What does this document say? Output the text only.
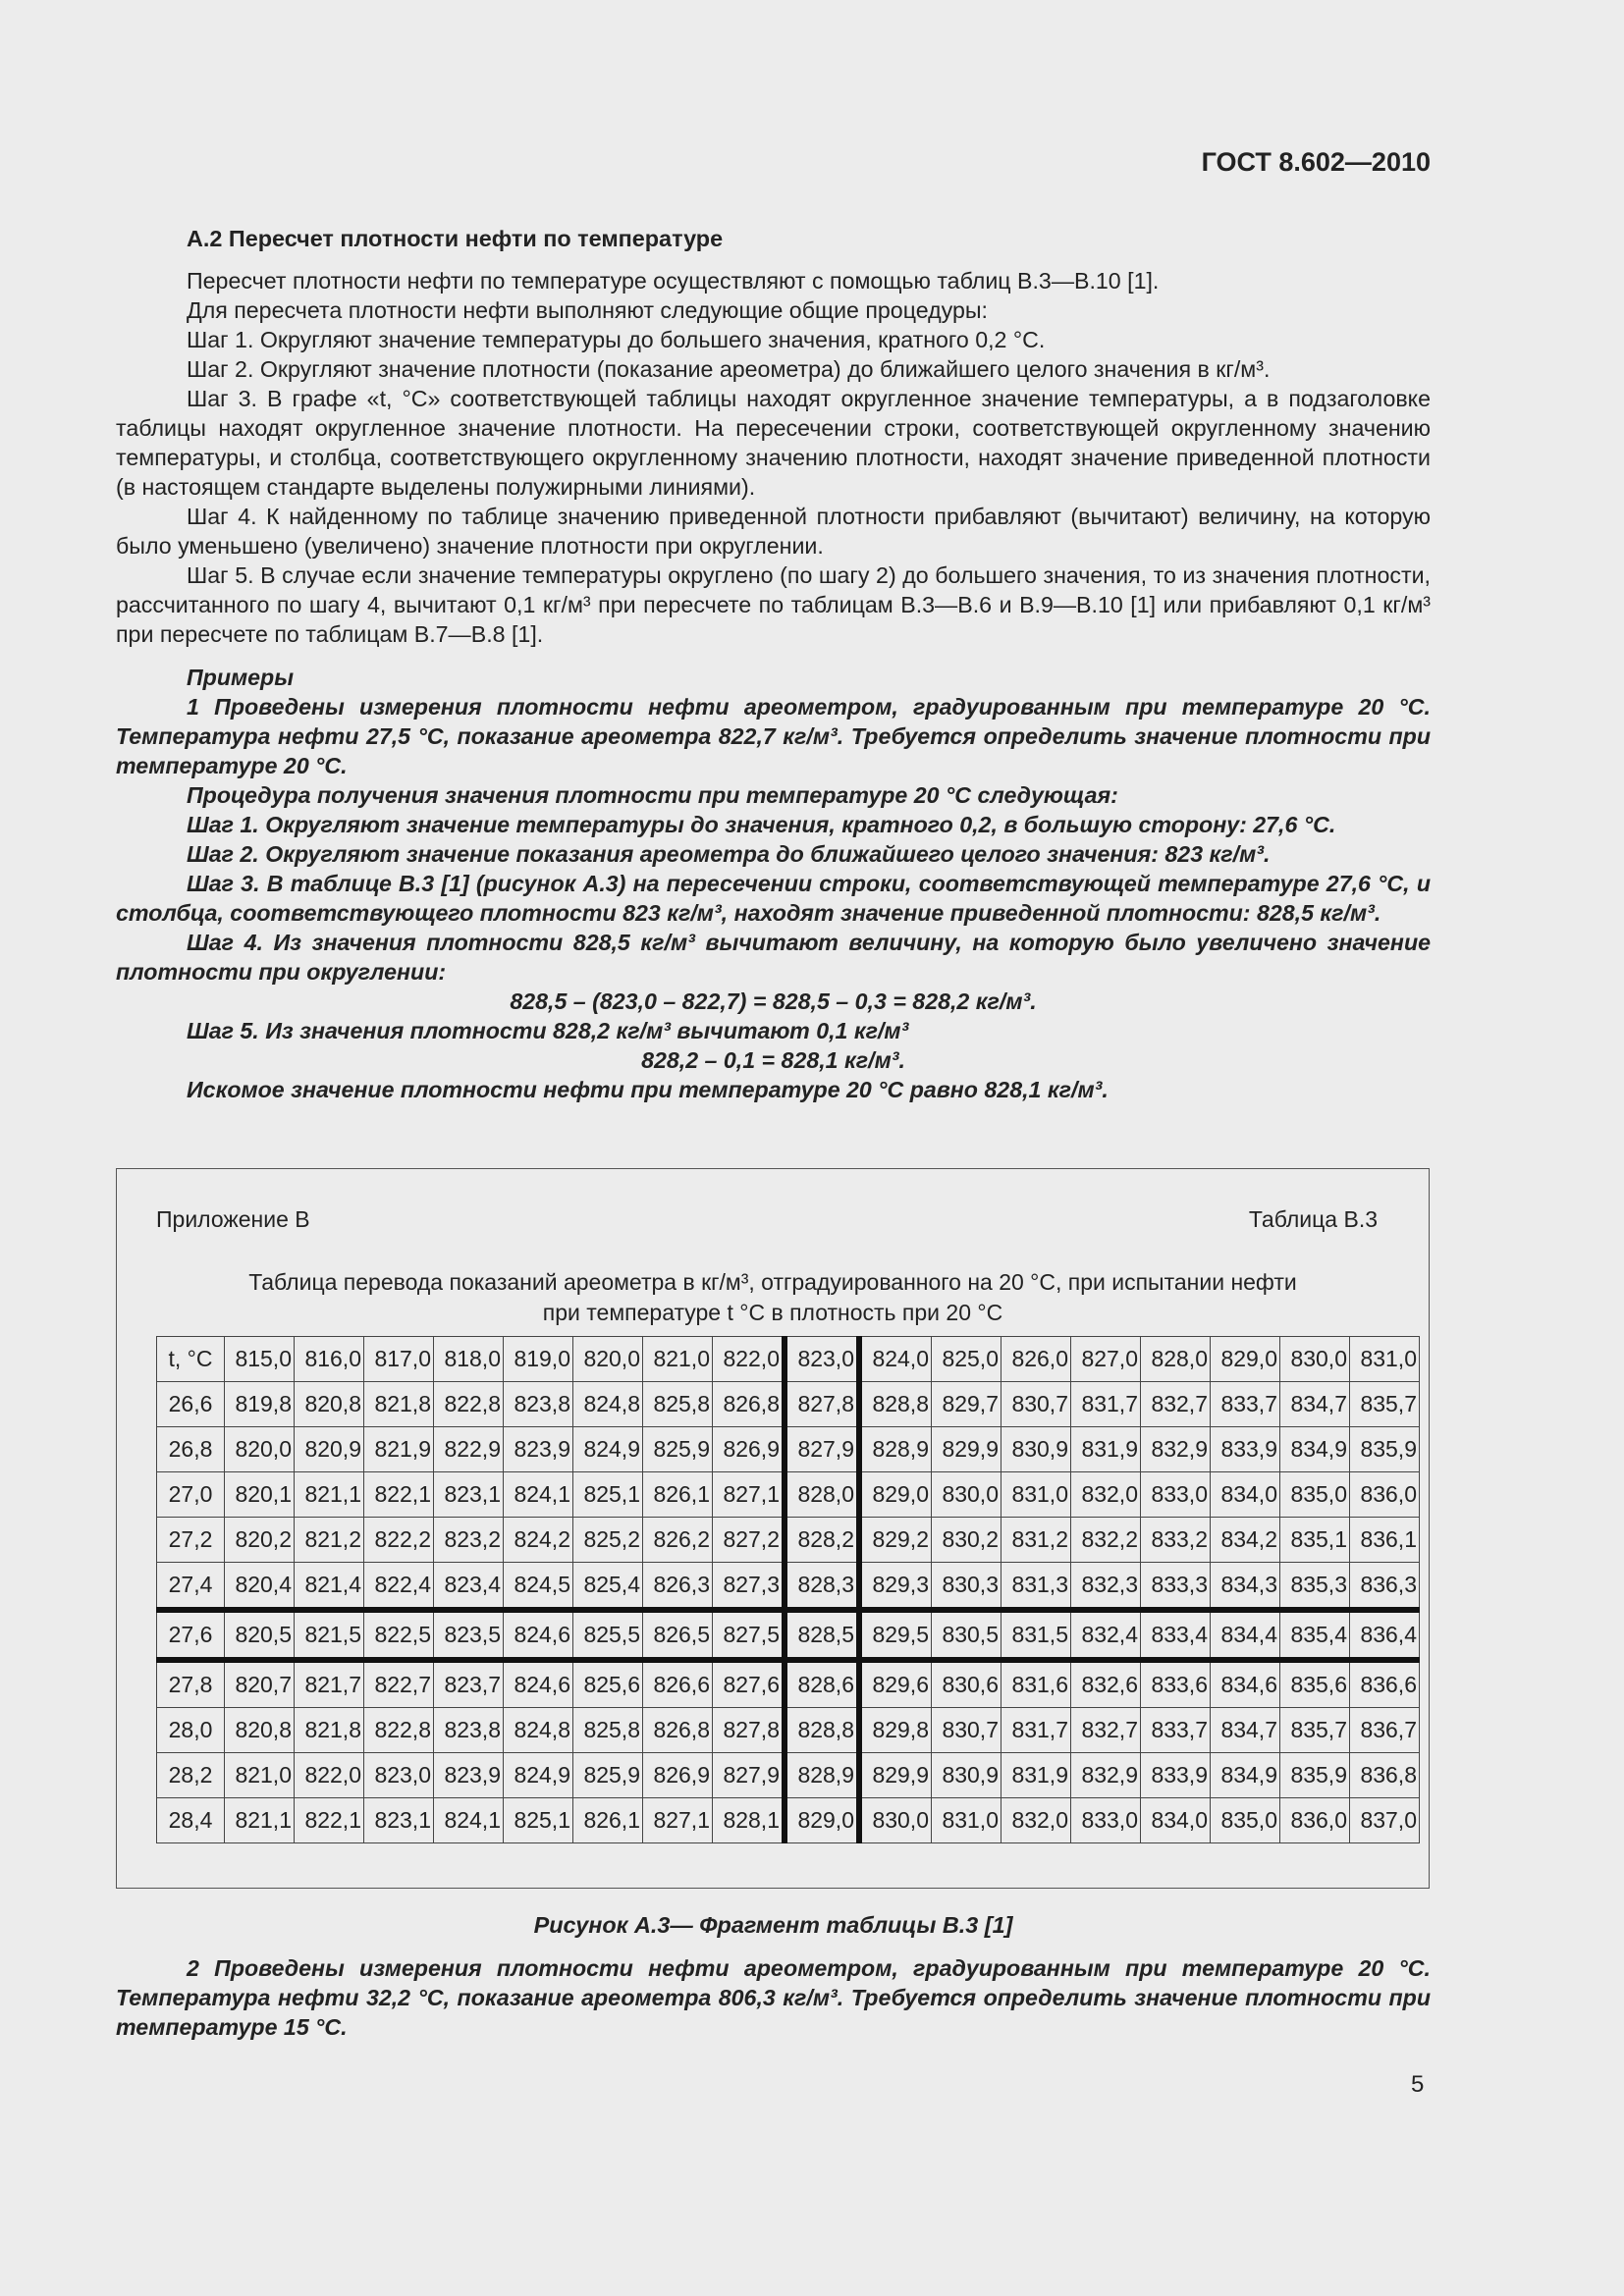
ГОСТ 8.602—2010
А.2 Пересчет плотности нефти по температуре

Пересчет плотности нефти по температуре осуществляют с помощью таблиц В.3—В.10 [1].

Для пересчета плотности нефти выполняют следующие общие процедуры:

Шаг 1. Округляют значение температуры до большего значения, кратного 0,2 °С.

Шаг 2. Округляют значение плотности (показание ареометра) до ближайшего целого значения в кг/м³.

Шаг 3. В графе «t, °С» соответствующей таблицы находят округленное значение температуры, а в подзаголовке таблицы находят округленное значение плотности. На пересечении строки, соответствующей округленному значению температуры, и столбца, соответствующего округленному значению плотности, находят значение приведенной плотности (в настоящем стандарте выделены полужирными линиями).

Шаг 4. К найденному по таблице значению приведенной плотности прибавляют (вычитают) величину, на которую было уменьшено (увеличено) значение плотности при округлении.

Шаг 5. В случае если значение температуры округлено (по шагу 2) до большего значения, то из значения плотности, рассчитанного по шагу 4, вычитают 0,1 кг/м³ при пересчете по таблицам В.3—В.6 и В.9—В.10 [1] или прибавляют 0,1 кг/м³ при пересчете по таблицам В.7—В.8 [1].

Примеры

1 Проведены измерения плотности нефти ареометром, градуированным при температуре 20 °С. Температура нефти 27,5 °С, показание ареометра 822,7 кг/м³. Требуется определить значение плотности при температуре 20 °С.

Процедура получения значения плотности при температуре 20 °С следующая:

Шаг 1. Округляют значение температуры до значения, кратного 0,2, в большую сторону: 27,6 °С.

Шаг 2. Округляют значение показания ареометра до ближайшего целого значения: 823 кг/м³.

Шаг 3. В таблице В.3 [1] (рисунок А.3) на пересечении строки, соответствующей температуре 27,6 °С, и столбца, соответствующего плотности 823 кг/м³, находят значение приведенной плотности: 828,5 кг/м³.

Шаг 4. Из значения плотности 828,5 кг/м³ вычитают величину, на которую было увеличено значение плотности при округлении:

828,5 – (823,0 – 822,7) = 828,5 – 0,3 = 828,2 кг/м³.

Шаг 5. Из значения плотности 828,2 кг/м³ вычитают 0,1 кг/м³

828,2 – 0,1 = 828,1 кг/м³.

Искомое значение плотности нефти при температуре 20 °С равно 828,1 кг/м³.

Приложение В	Таблица В.3
Таблица перевода показаний ареометра в кг/м³, отградуированного на 20 °С, при испытании нефти
при температуре t °С в плотность при 20 °С
t, °С	815,0	816,0	817,0	818,0	819,0	820,0	821,0	822,0	823,0	824,0	825,0	826,0	827,0	828,0	829,0	830,0	831,0
26,6	819,8	820,8	821,8	822,8	823,8	824,8	825,8	826,8	827,8	828,8	829,7	830,7	831,7	832,7	833,7	834,7	835,7
26,8	820,0	820,9	821,9	822,9	823,9	824,9	825,9	826,9	827,9	828,9	829,9	830,9	831,9	832,9	833,9	834,9	835,9
27,0	820,1	821,1	822,1	823,1	824,1	825,1	826,1	827,1	828,0	829,0	830,0	831,0	832,0	833,0	834,0	835,0	836,0
27,2	820,2	821,2	822,2	823,2	824,2	825,2	826,2	827,2	828,2	829,2	830,2	831,2	832,2	833,2	834,2	835,1	836,1
27,4	820,4	821,4	822,4	823,4	824,5	825,4	826,3	827,3	828,3	829,3	830,3	831,3	832,3	833,3	834,3	835,3	836,3
27,6	820,5	821,5	822,5	823,5	824,6	825,5	826,5	827,5	828,5	829,5	830,5	831,5	832,4	833,4	834,4	835,4	836,4
27,8	820,7	821,7	822,7	823,7	824,6	825,6	826,6	827,6	828,6	829,6	830,6	831,6	832,6	833,6	834,6	835,6	836,6
28,0	820,8	821,8	822,8	823,8	824,8	825,8	826,8	827,8	828,8	829,8	830,7	831,7	832,7	833,7	834,7	835,7	836,7
28,2	821,0	822,0	823,0	823,9	824,9	825,9	826,9	827,9	828,9	829,9	830,9	831,9	832,9	833,9	834,9	835,9	836,8
28,4	821,1	822,1	823,1	824,1	825,1	826,1	827,1	828,1	829,0	830,0	831,0	832,0	833,0	834,0	835,0	836,0	837,0
Рисунок А.3— Фрагмент таблицы В.3 [1]

2 Проведены измерения плотности нефти ареометром, градуированным при температуре 20 °С. Температура нефти 32,2 °С, показание ареометра 806,3 кг/м³. Требуется определить значение плотности при температуре 15 °С.

5
